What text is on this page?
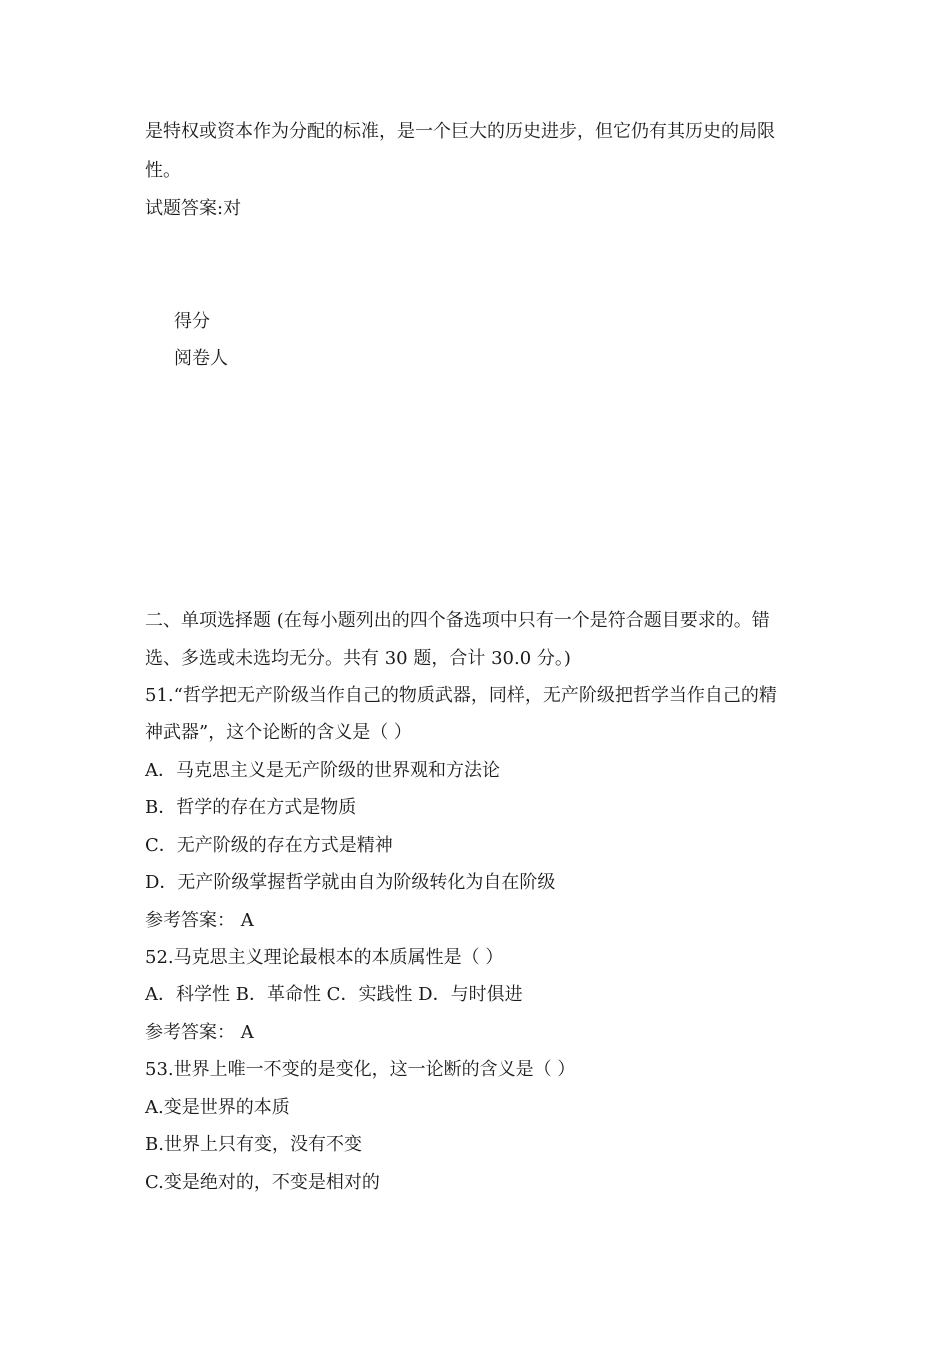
是特权或资本作为分配的标准，是一个巨大的历史进步，但它仍有其历史的局限
性。
试题答案:对
得分
阅卷人
二、单项选择题 (在每小题列出的四个备选项中只有一个是符合题目要求的。错
选、多选或未选均无分。共有 30 题，合计 30.0 分。)
51.“哲学把无产阶级当作自己的物质武器，同样，无产阶级把哲学当作自己的精
神武器”，这个论断的含义是（ ）
A．马克思主义是无产阶级的世界观和方法论
B．哲学的存在方式是物质
C．无产阶级的存在方式是精神
D．无产阶级掌握哲学就由自为阶级转化为自在阶级
参考答案： A
52.马克思主义理论最根本的本质属性是（ ）
A．科学性 B．革命性 C．实践性 D．与时俱进
参考答案： A
53.世界上唯一不变的是变化，这一论断的含义是（ ）
A.变是世界的本质
B.世界上只有变，没有不变
C.变是绝对的，不变是相对的
